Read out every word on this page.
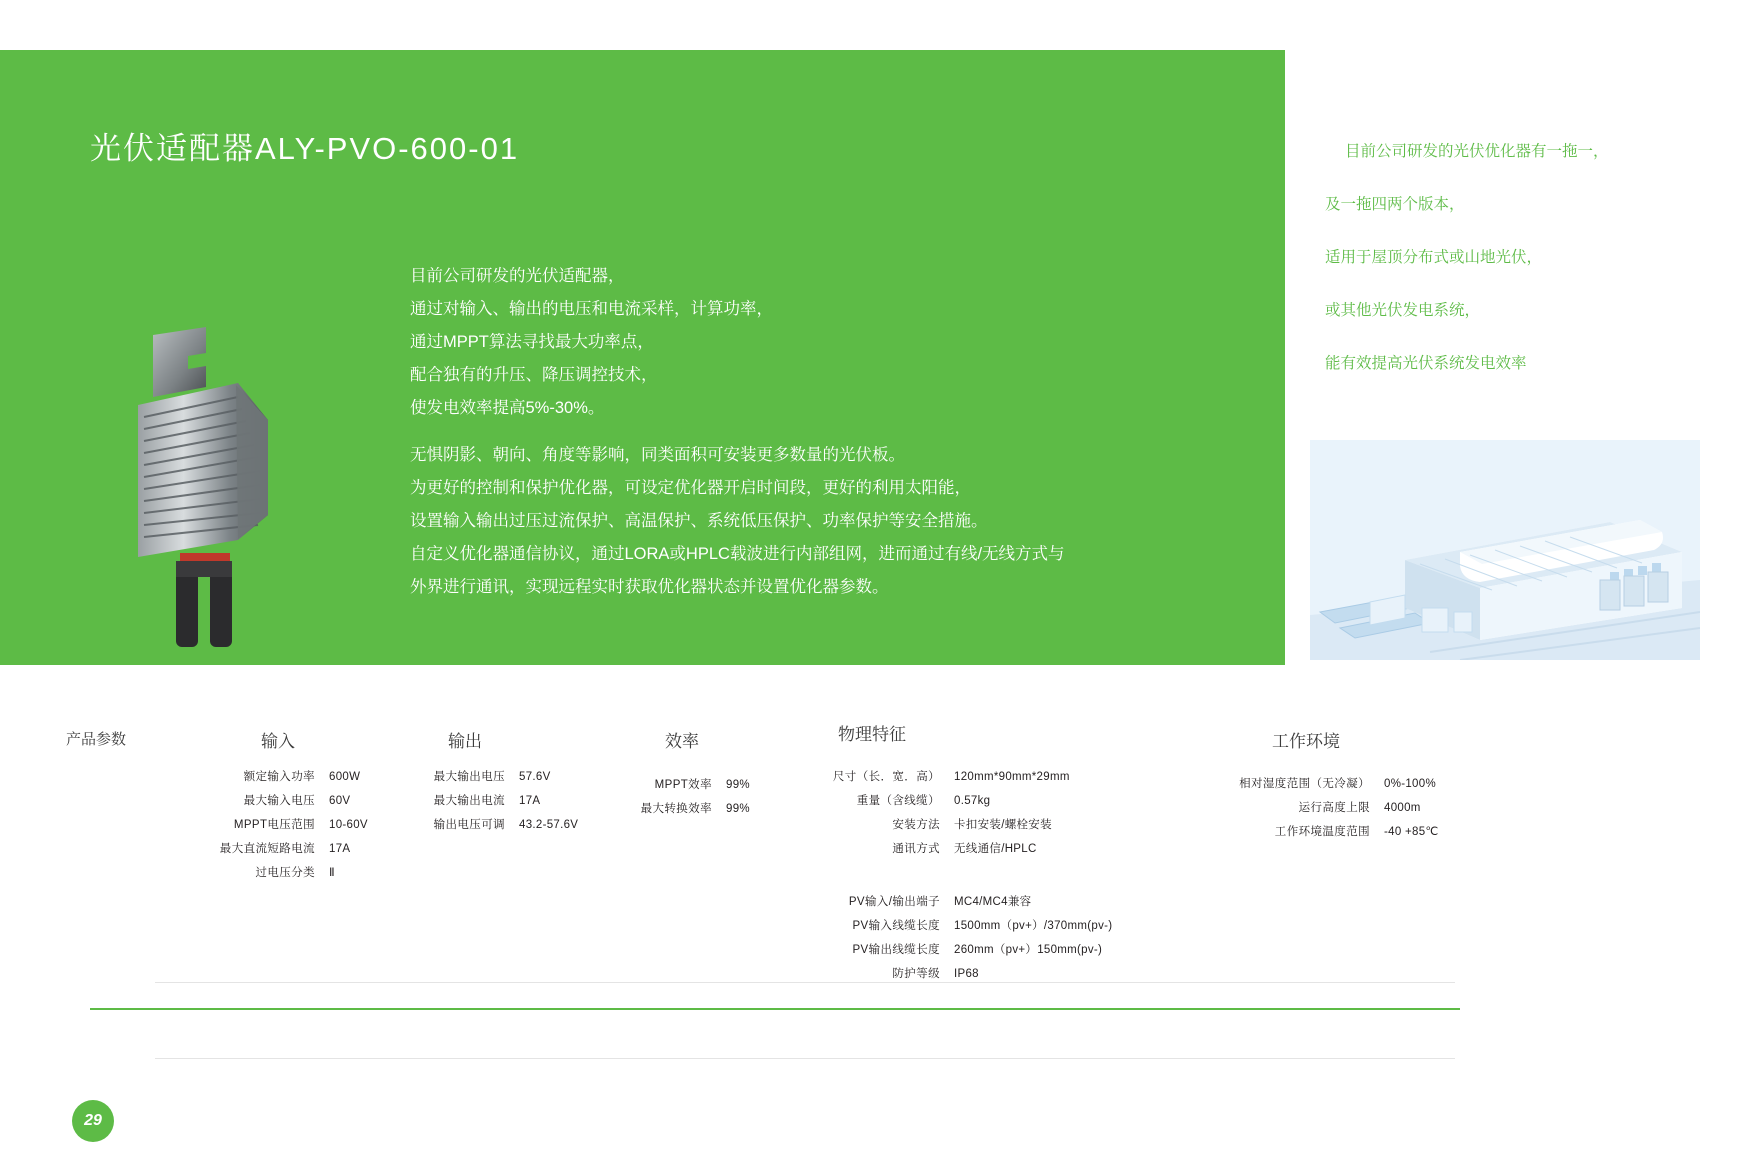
光伏适配器ALY-PVO-600-01

目前公司研发的光伏适配器，

通过对输入、输出的电压和电流采样，计算功率，

通过MPPT算法寻找最大功率点，

配合独有的升压、降压调控技术，

使发电效率提高5%-30%。

无惧阴影、朝向、角度等影响，同类面积可安装更多数量的光伏板。

为更好的控制和保护优化器，可设定优化器开启时间段，更好的利用太阳能，

设置输入输出过压过流保护、高温保护、系统低压保护、功率保护等安全措施。

自定义优化器通信协议，通过LORA或HPLC载波进行内部组网，进而通过有线/无线方式与

外界进行通讯，实现远程实时获取优化器状态并设置优化器参数。

目前公司研发的光伏优化器有一拖一，

及一拖四两个版本，

适用于屋顶分布式或山地光伏，

或其他光伏发电系统，

能有效提高光伏系统发电效率

产品参数	输入	输出	效率	物理特征	工作环境
额定输入功率	600W
最大输入电压	60V
MPPT电压范围	10-60V
最大直流短路电流	17A
过电压分类	Ⅱ
最大输出电压	57.6V
最大输出电流	17A
输出电压可调	43.2-57.6V
MPPT效率	99%
最大转换效率	99%
尺寸（长．宽．高）	120mm*90mm*29mm
重量（含线缆）	0.57kg
安装方法	卡扣安装/螺栓安装
通讯方式	无线通信/HPLC
PV输入/输出端子	MC4/MC4兼容
PV输入线缆长度	1500mm（pv+）/370mm(pv-)
PV输出线缆长度	260mm（pv+）150mm(pv-)
防护等级	IP68
相对湿度范围（无冷凝）	0%-100%
运行高度上限	4000m
工作环境温度范围	-40 +85℃
29
